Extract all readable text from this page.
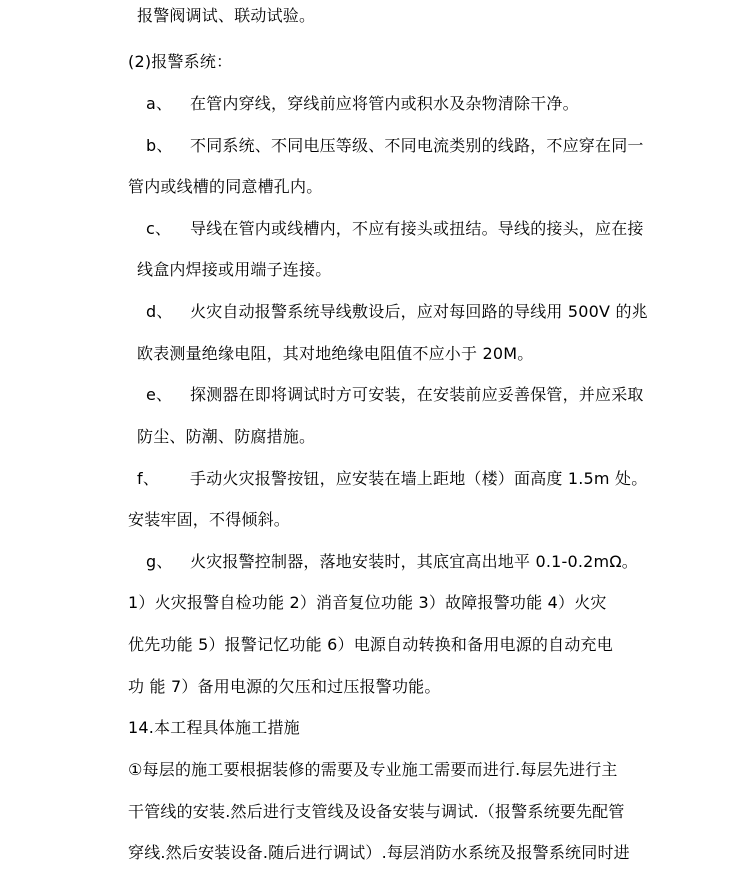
报警阀调试、联动试验。
(2)报警系统：
a、 在管内穿线，穿线前应将管内或积水及杂物清除干净。
b、 不同系统、不同电压等级、不同电流类别的线路，不应穿在同一
管内或线槽的同意槽孔内。
c、 导线在管内或线槽内，不应有接头或扭结。导线的接头，应在接
线盒内焊接或用端子连接。
d、 火灾自动报警系统导线敷设后，应对每回路的导线用 500V 的兆
欧表测量绝缘电阻，其对地绝缘电阻值不应小于 20M。
e、 探测器在即将调试时方可安装，在安装前应妥善保管，并应采取
防尘、防潮、防腐措施。
f、 手动火灾报警按钮，应安装在墙上距地（楼）面高度 1.5m 处。
安装牢固，不得倾斜。
g、 火灾报警控制器，落地安装时，其底宜高出地平 0.1-0.2mΩ。
1）火灾报警自检功能 2）消音复位功能 3）故障报警功能 4）火灾
优先功能 5）报警记忆功能 6）电源自动转换和备用电源的自动充电
功 能 7）备用电源的欠压和过压报警功能。
14.本工程具体施工措施
①每层的施工要根据装修的需要及专业施工需要而进行.每层先进行主
干管线的安装.然后进行支管线及设备安装与调试.（报警系统要先配管
穿线.然后安装设备.随后进行调试）.每层消防水系统及报警系统同时进
